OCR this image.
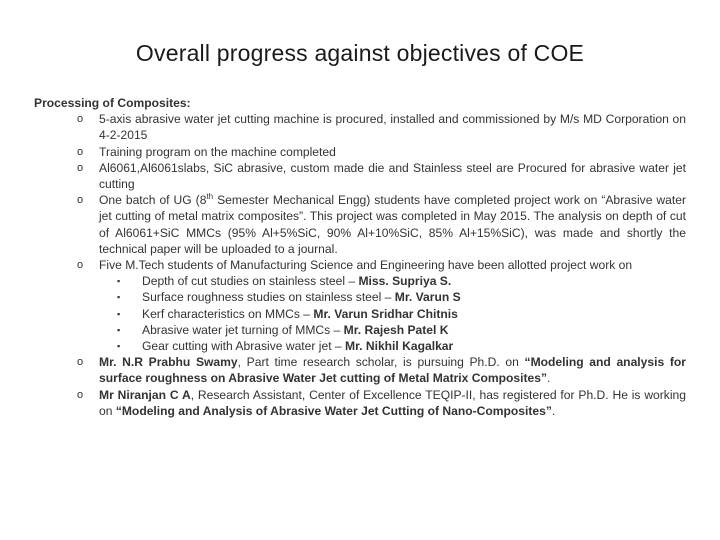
Overall progress against objectives of COE

Processing of Composites:

o 5-axis abrasive water jet cutting machine is procured, installed and commissioned by M/s MD Corporation on 4-2-2015
o Training program on the machine completed
o Al6061,Al6061slabs, SiC abrasive, custom made die and Stainless steel are Procured for abrasive water jet cutting
o One batch of UG (8th Semester Mechanical Engg) students have completed project work on “Abrasive water jet cutting of metal matrix composites”. This project was completed in May 2015. The analysis on depth of cut of Al6061+SiC MMCs (95% Al+5%SiC, 90% Al+10%SiC, 85% Al+15%SiC), was made and shortly the technical paper will be uploaded to a journal.
o Five M.Tech students of Manufacturing Science and Engineering have been allotted project work on
▪ Depth of cut studies on stainless steel – Miss. Supriya S.
▪ Surface roughness studies on stainless steel – Mr. Varun S
▪ Kerf characteristics on MMCs – Mr. Varun Sridhar Chitnis
▪ Abrasive water jet turning of MMCs – Mr. Rajesh Patel K
▪ Gear cutting with Abrasive water jet – Mr. Nikhil Kagalkar
o Mr. N.R Prabhu Swamy, Part time research scholar, is pursuing Ph.D. on “Modeling and analysis for surface roughness on Abrasive Water Jet cutting of Metal Matrix Composites”.
o Mr Niranjan C A, Research Assistant, Center of Excellence TEQIP-II, has registered for Ph.D. He is working on “Modeling and Analysis of Abrasive Water Jet Cutting of Nano-Composites”.
